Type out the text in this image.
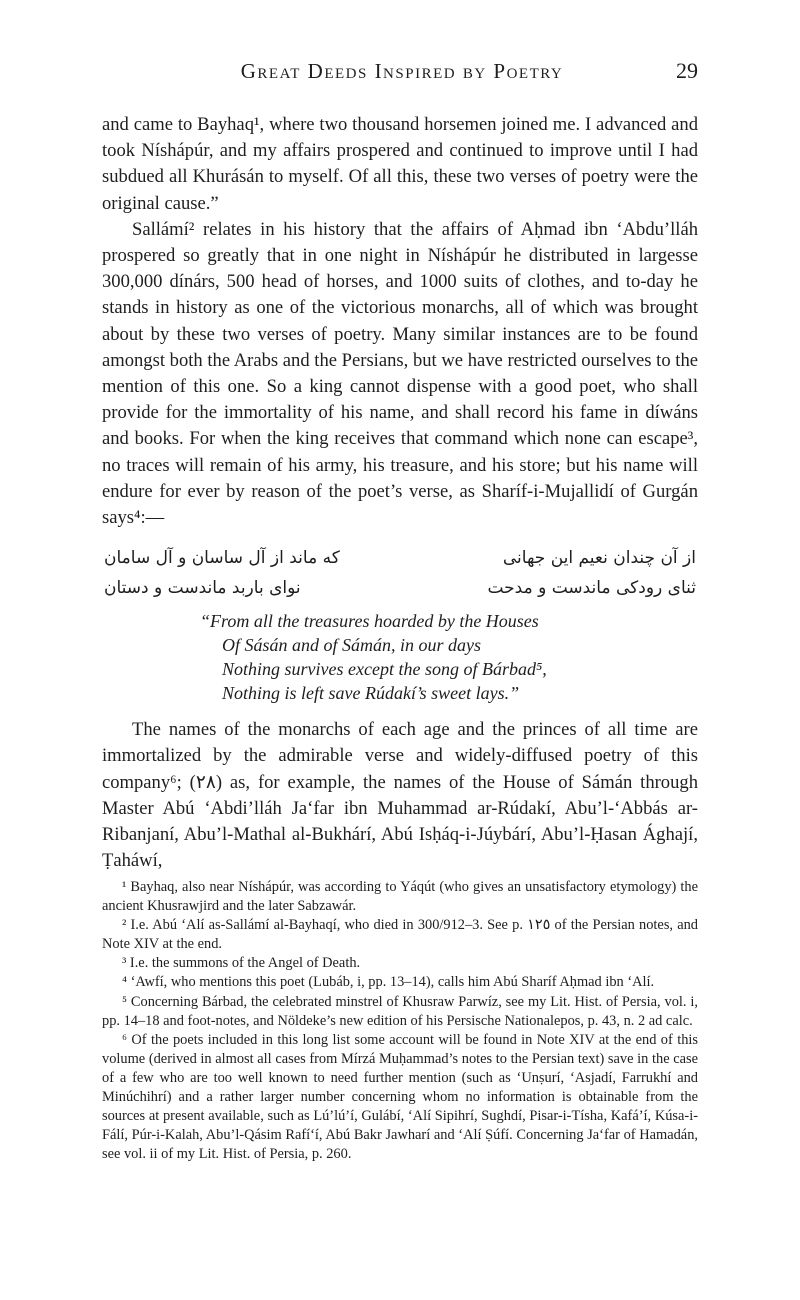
Great Deeds Inspired by Poetry	29

and came to Bayhaq¹, where two thousand horsemen joined me. I advanced and took Níshápúr, and my affairs prospered and continued to improve until I had subdued all Khurásán to myself. Of all this, these two verses of poetry were the original cause.”

Sallámí² relates in his history that the affairs of Aḥmad ibn ‘Abdu’lláh prospered so greatly that in one night in Níshápúr he distributed in largesse 300,000 dínárs, 500 head of horses, and 1000 suits of clothes, and to-day he stands in history as one of the victorious monarchs, all of which was brought about by these two verses of poetry. Many similar instances are to be found amongst both the Arabs and the Persians, but we have restricted ourselves to the mention of this one. So a king cannot dispense with a good poet, who shall provide for the immortality of his name, and shall record his fame in díwáns and books. For when the king receives that command which none can escape³, no traces will remain of his army, his treasure, and his store; but his name will endure for ever by reason of the poet’s verse, as Sharíf-i-Mujallidí of Gurgán says⁴:—

از آن چندان نعيم اين جهانى
كه ماند از آل ساسان و آل سامان
ثناى رودكى ماندست و مدحت
نواى باربد ماندست و دستان
“From all the treasures hoarded by the Houses
Of Sásán and of Sámán, in our days
Nothing survives except the song of Bárbad⁵,
Nothing is left save Rúdakí’s sweet lays.”

The names of the monarchs of each age and the princes of all time are immortalized by the admirable verse and widely-diffused poetry of this company⁶; (٢٨) as, for example, the names of the House of Sámán through Master Abú ‘Abdi’lláh Ja‘far ibn Muhammad ar-Rúdakí, Abu’l-‘Abbás ar-Ribanjaní, Abu’l-Mathal al-Bukhárí, Abú Isḥáq-i-Júybárí, Abu’l-Ḥasan Ághají, Ṭaháwí,

¹ Bayhaq, also near Níshápúr, was according to Yáqút (who gives an unsatisfactory etymology) the ancient Khusrawjird and the later Sabzawár.

² I.e. Abú ‘Alí as-Sallámí al-Bayhaqí, who died in 300/912–3. See p. ١٢٥ of the Persian notes, and Note XIV at the end.

³ I.e. the summons of the Angel of Death.

⁴ ‘Awfí, who mentions this poet (Lubáb, i, pp. 13–14), calls him Abú Sharíf Aḥmad ibn ‘Alí.

⁵ Concerning Bárbad, the celebrated minstrel of Khusraw Parwíz, see my Lit. Hist. of Persia, vol. i, pp. 14–18 and foot-notes, and Nöldeke’s new edition of his Persische Nationalepos, p. 43, n. 2 ad calc.

⁶ Of the poets included in this long list some account will be found in Note XIV at the end of this volume (derived in almost all cases from Mírzá Muḥammad’s notes to the Persian text) save in the case of a few who are too well known to need further mention (such as ‘Unṣurí, ‘Asjadí, Farrukhí and Minúchihrí) and a rather larger number concerning whom no information is obtainable from the sources at present available, such as Lú’lú’í, Gulábí, ‘Alí Sipihrí, Sughdí, Pisar-i-Tísha, Kafá’í, Kúsa-i-Fálí, Púr-i-Kalah, Abu’l-Qásim Rafí‘í, Abú Bakr Jawharí and ‘Alí Ṣúfí. Concerning Ja‘far of Hamadán, see vol. ii of my Lit. Hist. of Persia, p. 260.
